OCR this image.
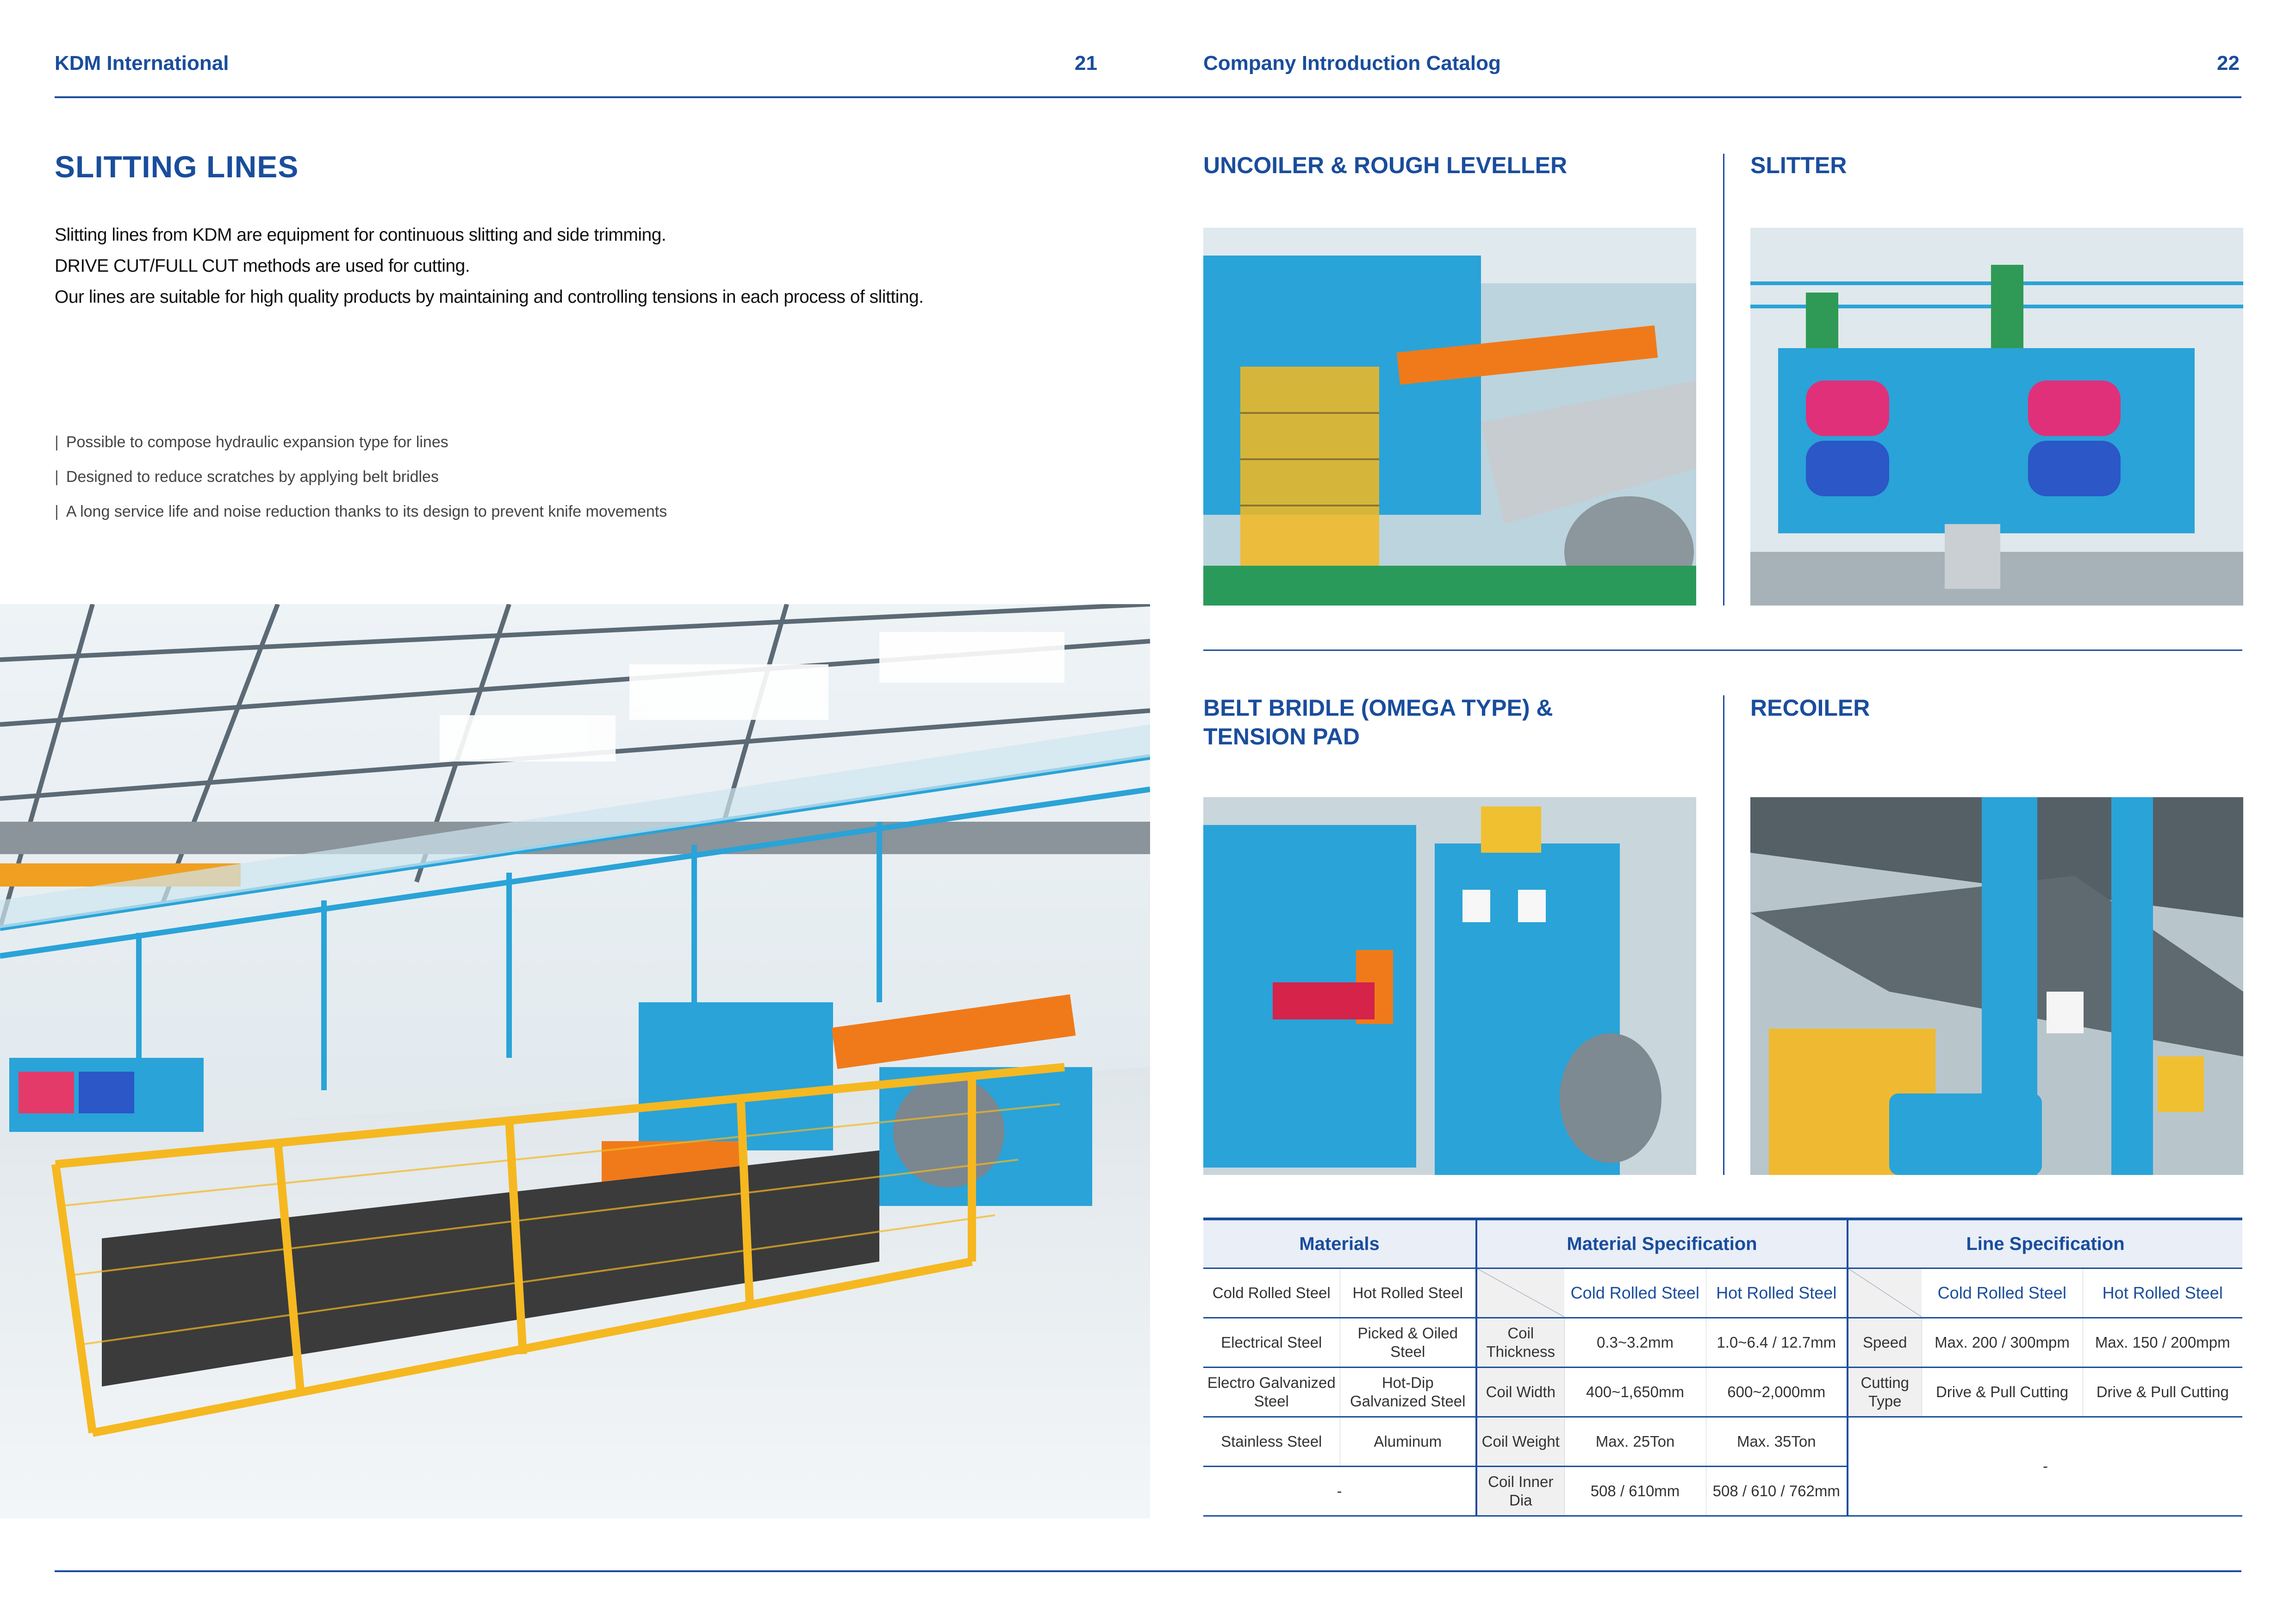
KDM International	21	Company Introduction Catalog	22
SLITTING LINES
Slitting lines from KDM are equipment for continuous slitting and side trimming.
DRIVE CUT/FULL CUT methods are used for cutting.
Our lines are suitable for high quality products by maintaining and controlling tensions in each process of slitting.
| Possible to compose hydraulic expansion type for lines
| Designed to reduce scratches by applying belt bridles
| A long service life and noise reduction thanks to its design to prevent knife movements
UNCOILER & ROUGH LEVELLER	SLITTER
BELT BRIDLE (OMEGA TYPE) &
TENSION PAD
RECOILER
Materials		Material Specification			Line Specification		
Cold Rolled Steel	Hot Rolled Steel		Cold Rolled Steel	Hot Rolled Steel		Cold Rolled Steel	Hot Rolled Steel
Electrical Steel	Picked & Oiled Steel	Coil Thickness	0.3~3.2mm	1.0~6.4 / 12.7mm	Speed	Max. 200 / 300mpm	Max. 150 / 200mpm
Electro Galvanized Steel	Hot-Dip Galvanized Steel	Coil Width	400~1,650mm	600~2,000mm	Cutting Type	Drive & Pull Cutting	Drive & Pull Cutting
Stainless Steel	Aluminum	Coil Weight	Max. 25Ton	Max. 35Ton	-		
-		Coil Inner Dia	508 / 610mm	508 / 610 / 762mm			
